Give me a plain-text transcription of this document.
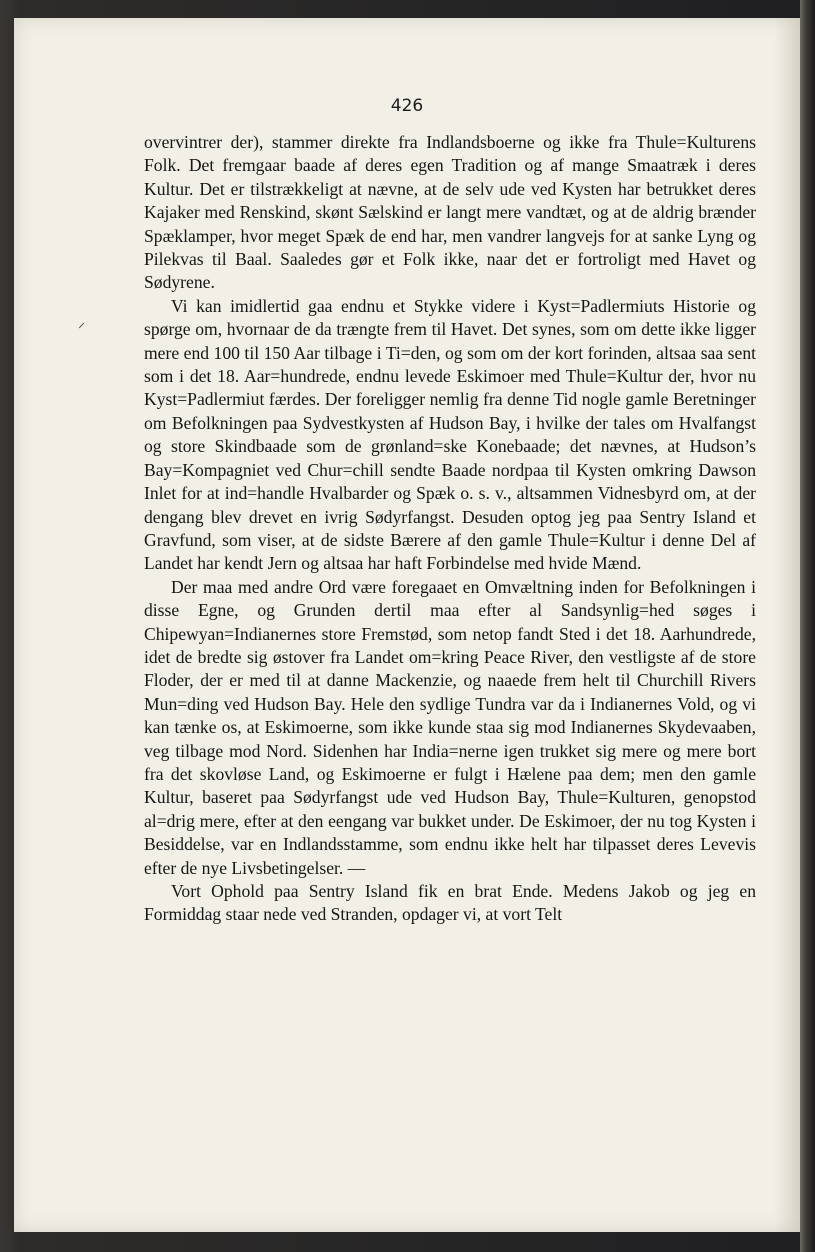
426

overvintrer der), stammer direkte fra Indlandsboerne og ikke fra Thule=Kulturens Folk. Det fremgaar baade af deres egen Tradition og af mange Smaatræk i deres Kultur. Det er tilstrækkeligt at nævne, at de selv ude ved Kysten har betrukket deres Kajaker med Renskind, skønt Sælskind er langt mere vandtæt, og at de aldrig brænder Spæklamper, hvor meget Spæk de end har, men vandrer langvejs for at sanke Lyng og Pilekvas til Baal. Saaledes gør et Folk ikke, naar det er fortroligt med Havet og Sødyrene.

Vi kan imidlertid gaa endnu et Stykke videre i Kyst=Padlermiuts Historie og spørge om, hvornaar de da trængte frem til Havet. Det synes, som om dette ikke ligger mere end 100 til 150 Aar tilbage i Ti=den, og som om der kort forinden, altsaa saa sent som i det 18. Aar=hundrede, endnu levede Eskimoer med Thule=Kultur der, hvor nu Kyst=Padlermiut færdes. Der foreligger nemlig fra denne Tid nogle gamle Beretninger om Befolkningen paa Sydvestkysten af Hudson Bay, i hvilke der tales om Hvalfangst og store Skindbaade som de grønland=ske Konebaade; det nævnes, at Hudson’s Bay=Kompagniet ved Chur=chill sendte Baade nordpaa til Kysten omkring Dawson Inlet for at ind=handle Hvalbarder og Spæk o. s. v., altsammen Vidnesbyrd om, at der dengang blev drevet en ivrig Sødyrfangst. Desuden optog jeg paa Sentry Island et Gravfund, som viser, at de sidste Bærere af den gamle Thule=Kultur i denne Del af Landet har kendt Jern og altsaa har haft Forbindelse med hvide Mænd.

Der maa med andre Ord være foregaaet en Omvæltning inden for Befolkningen i disse Egne, og Grunden dertil maa efter al Sandsynlig=hed søges i Chipewyan=Indianernes store Fremstød, som netop fandt Sted i det 18. Aarhundrede, idet de bredte sig østover fra Landet om=kring Peace River, den vestligste af de store Floder, der er med til at danne Mackenzie, og naaede frem helt til Churchill Rivers Mun=ding ved Hudson Bay. Hele den sydlige Tundra var da i Indianernes Vold, og vi kan tænke os, at Eskimoerne, som ikke kunde staa sig mod Indianernes Skydevaaben, veg tilbage mod Nord. Sidenhen har India=nerne igen trukket sig mere og mere bort fra det skovløse Land, og Eskimoerne er fulgt i Hælene paa dem; men den gamle Kultur, baseret paa Sødyrfangst ude ved Hudson Bay, Thule=Kulturen, genopstod al=drig mere, efter at den eengang var bukket under. De Eskimoer, der nu tog Kysten i Besiddelse, var en Indlandsstamme, som endnu ikke helt har tilpasset deres Levevis efter de nye Livsbetingelser. —

Vort Ophold paa Sentry Island fik en brat Ende. Medens Jakob og jeg en Formiddag staar nede ved Stranden, opdager vi, at vort Telt
